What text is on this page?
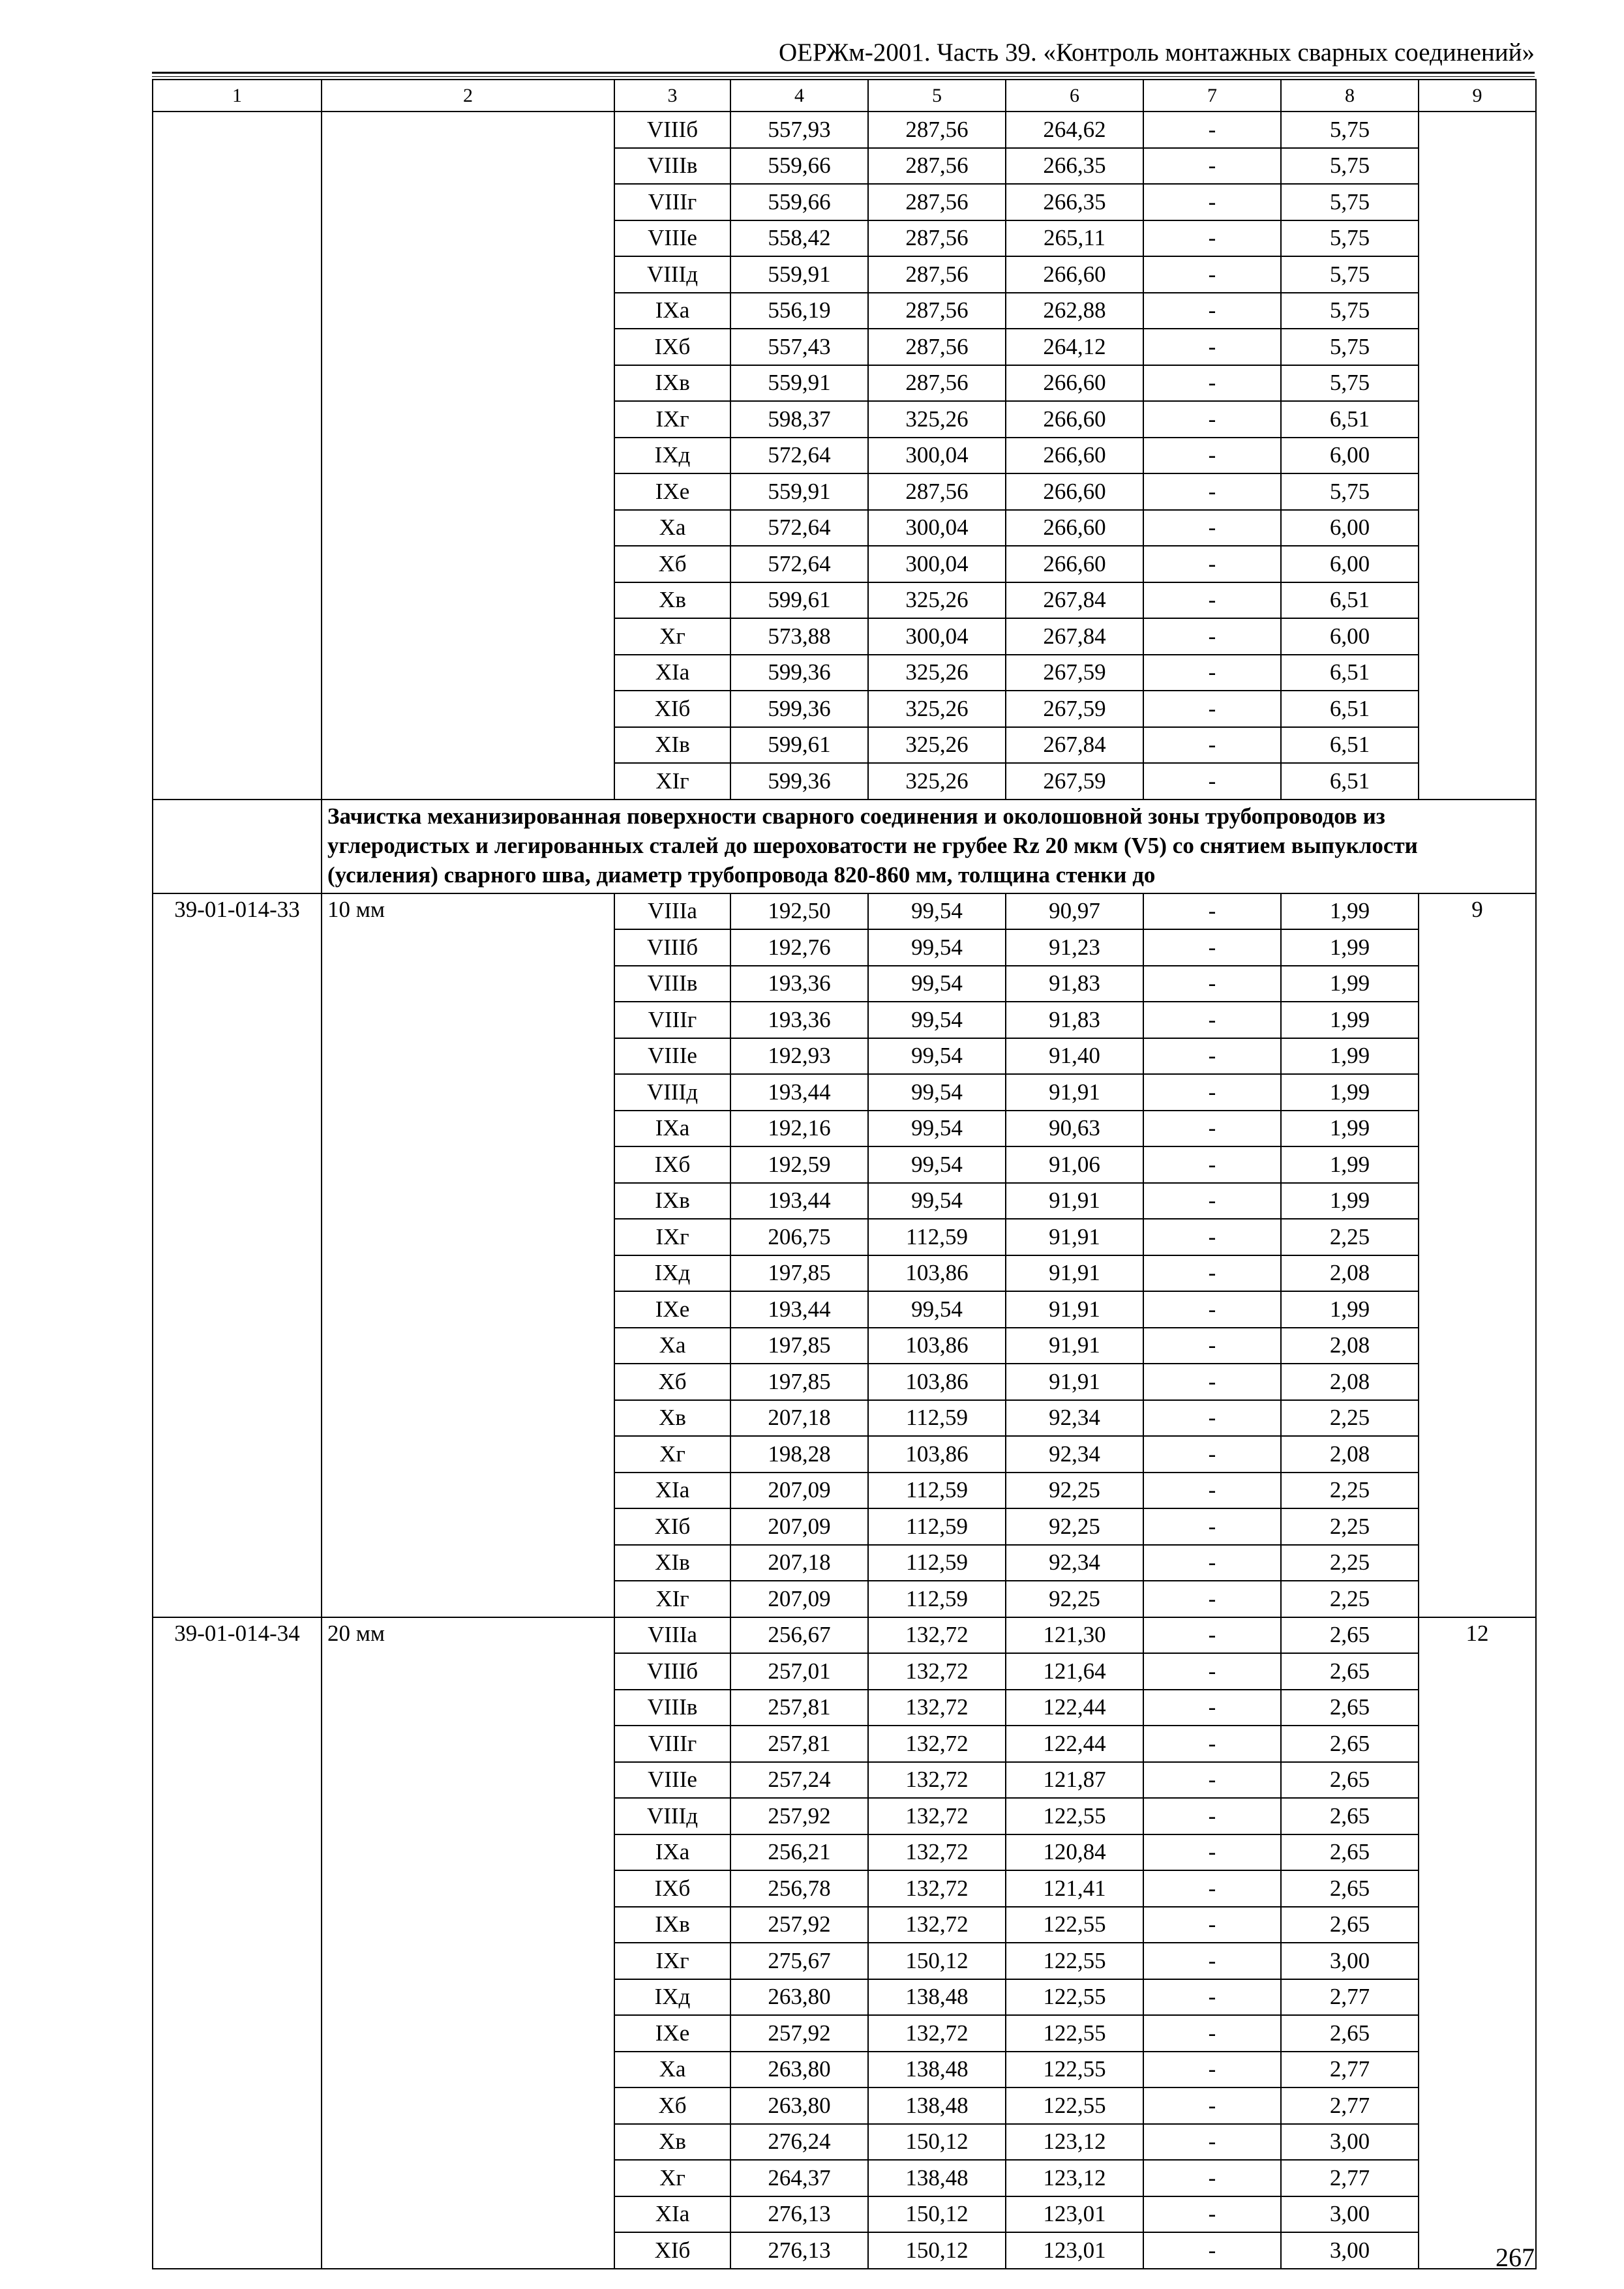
ОЕРЖм-2001. Часть 39. «Контроль монтажных сварных соединений»
1	2	3	4	5	6	7	8	9
		VIIIб	557,93	287,56	264,62	-	5,75	
		VIIIв	559,66	287,56	266,35	-	5,75	
		VIIIг	559,66	287,56	266,35	-	5,75	
		VIIIе	558,42	287,56	265,11	-	5,75	
		VIIIд	559,91	287,56	266,60	-	5,75	
		IXа	556,19	287,56	262,88	-	5,75	
		IXб	557,43	287,56	264,12	-	5,75	
		IXв	559,91	287,56	266,60	-	5,75	
		IXг	598,37	325,26	266,60	-	6,51	
		IXд	572,64	300,04	266,60	-	6,00	
		IXе	559,91	287,56	266,60	-	5,75	
		Xа	572,64	300,04	266,60	-	6,00	
		Xб	572,64	300,04	266,60	-	6,00	
		Xв	599,61	325,26	267,84	-	6,51	
		Xг	573,88	300,04	267,84	-	6,00	
		XIа	599,36	325,26	267,59	-	6,51	
		XIб	599,36	325,26	267,59	-	6,51	
		XIв	599,61	325,26	267,84	-	6,51	
		XIг	599,36	325,26	267,59	-	6,51	
	Зачистка механизированная поверхности сварного соединения и околошовной зоны трубопроводов из углеродистых и легированных сталей до шероховатости не грубее Rz 20 мкм (V5) со снятием выпуклости (усиления) сварного шва, диаметр трубопровода 820-860 мм, толщина стенки до							
39-01-014-33	10 мм	VIIIа	192,50	99,54	90,97	-	1,99	9
		VIIIб	192,76	99,54	91,23	-	1,99	
		VIIIв	193,36	99,54	91,83	-	1,99	
		VIIIг	193,36	99,54	91,83	-	1,99	
		VIIIе	192,93	99,54	91,40	-	1,99	
		VIIIд	193,44	99,54	91,91	-	1,99	
		IXа	192,16	99,54	90,63	-	1,99	
		IXб	192,59	99,54	91,06	-	1,99	
		IXв	193,44	99,54	91,91	-	1,99	
		IXг	206,75	112,59	91,91	-	2,25	
		IXд	197,85	103,86	91,91	-	2,08	
		IXе	193,44	99,54	91,91	-	1,99	
		Xа	197,85	103,86	91,91	-	2,08	
		Xб	197,85	103,86	91,91	-	2,08	
		Xв	207,18	112,59	92,34	-	2,25	
		Xг	198,28	103,86	92,34	-	2,08	
		XIа	207,09	112,59	92,25	-	2,25	
		XIб	207,09	112,59	92,25	-	2,25	
		XIв	207,18	112,59	92,34	-	2,25	
		XIг	207,09	112,59	92,25	-	2,25	
39-01-014-34	20 мм	VIIIа	256,67	132,72	121,30	-	2,65	12
		VIIIб	257,01	132,72	121,64	-	2,65	
		VIIIв	257,81	132,72	122,44	-	2,65	
		VIIIг	257,81	132,72	122,44	-	2,65	
		VIIIе	257,24	132,72	121,87	-	2,65	
		VIIIд	257,92	132,72	122,55	-	2,65	
		IXа	256,21	132,72	120,84	-	2,65	
		IXб	256,78	132,72	121,41	-	2,65	
		IXв	257,92	132,72	122,55	-	2,65	
		IXг	275,67	150,12	122,55	-	3,00	
		IXд	263,80	138,48	122,55	-	2,77	
		IXе	257,92	132,72	122,55	-	2,65	
		Xа	263,80	138,48	122,55	-	2,77	
		Xб	263,80	138,48	122,55	-	2,77	
		Xв	276,24	150,12	123,12	-	3,00	
		Xг	264,37	138,48	123,12	-	2,77	
		XIа	276,13	150,12	123,01	-	3,00	
		XIб	276,13	150,12	123,01	-	3,00		267
